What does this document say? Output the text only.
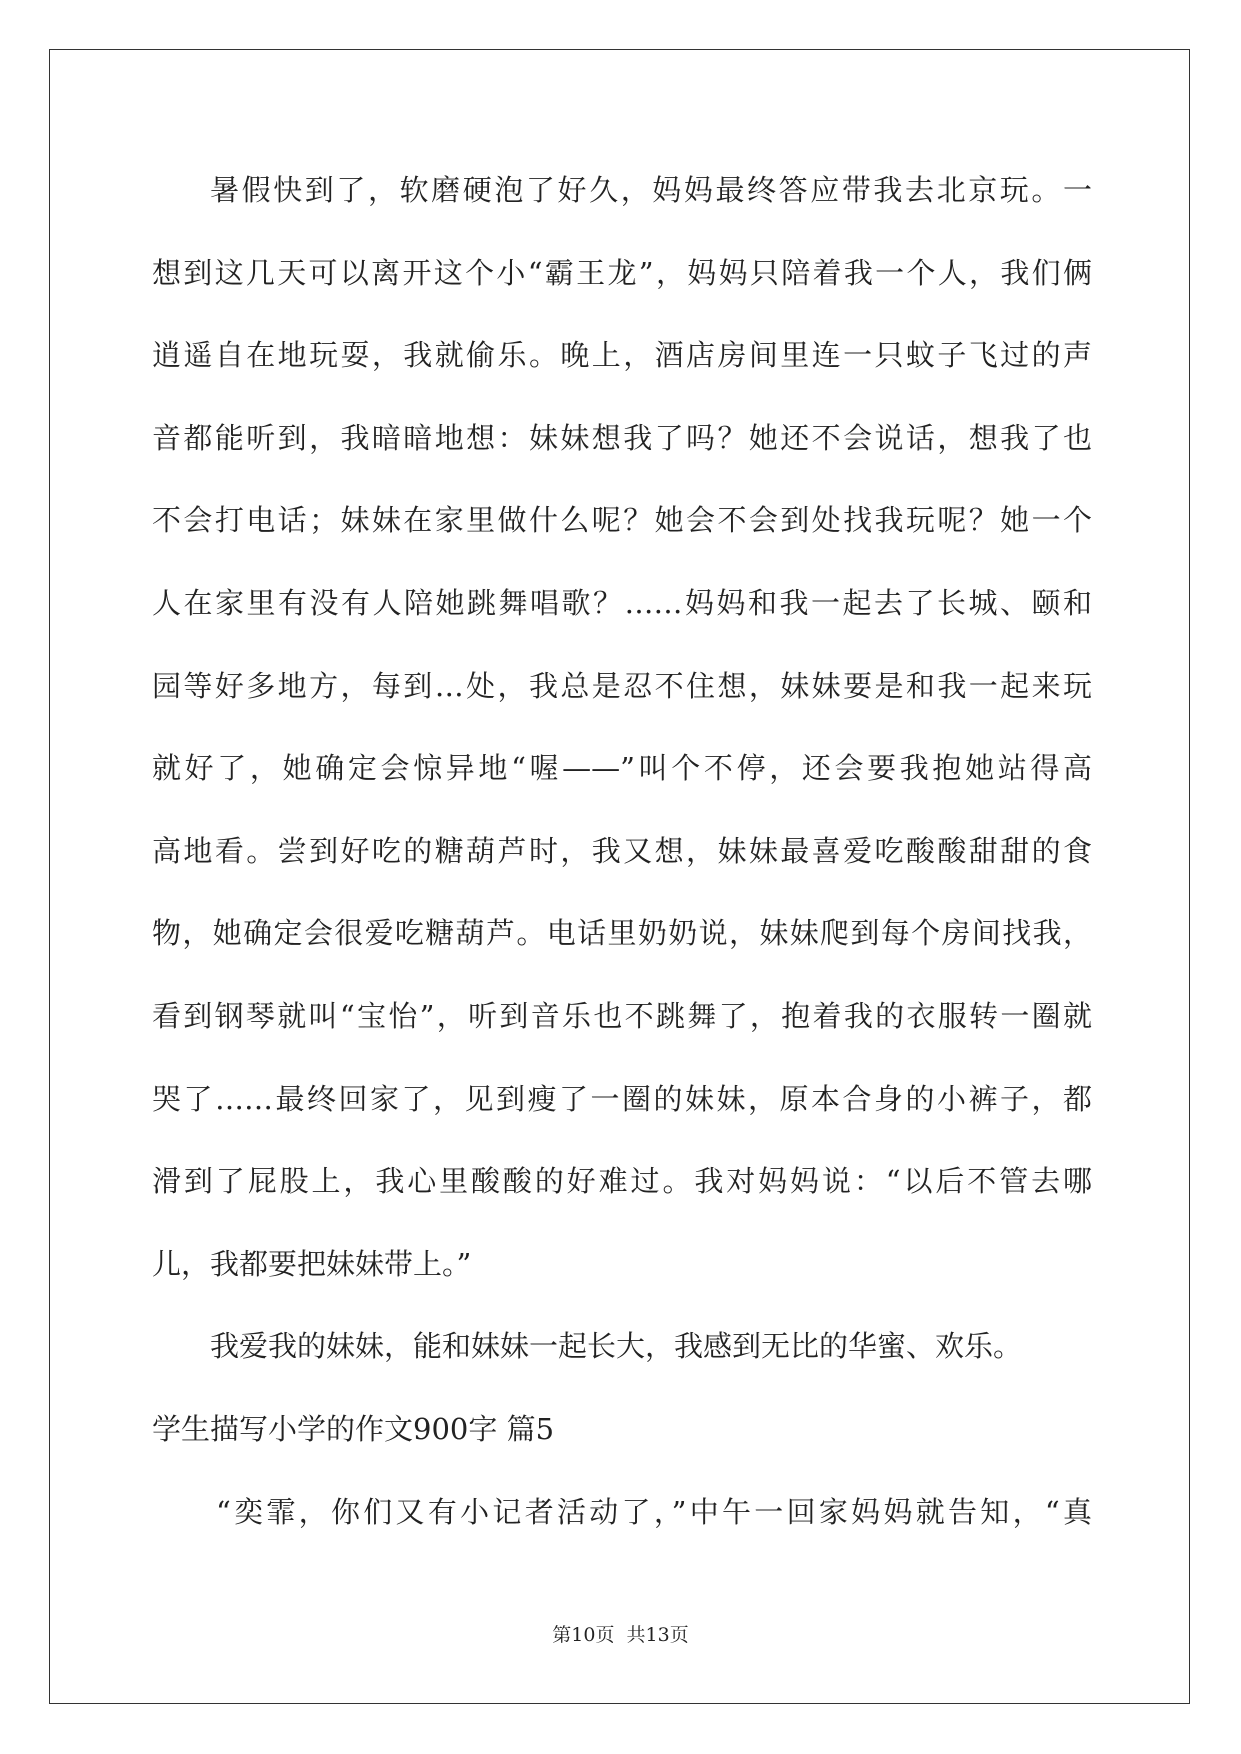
暑假快到了，软磨硬泡了好久，妈妈最终答应带我去北京玩。一
想到这几天可以离开这个小“霸王龙”，妈妈只陪着我一个人，我们俩
逍遥自在地玩耍，我就偷乐。晚上，酒店房间里连一只蚊子飞过的声
音都能听到，我暗暗地想：妹妹想我了吗？她还不会说话，想我了也
不会打电话；妹妹在家里做什么呢？她会不会到处找我玩呢？她一个
人在家里有没有人陪她跳舞唱歌？……妈妈和我一起去了长城、颐和
园等好多地方，每到…处，我总是忍不住想，妹妹要是和我一起来玩
就好了，她确定会惊异地“喔——”叫个不停，还会要我抱她站得高
高地看。尝到好吃的糖葫芦时，我又想，妹妹最喜爱吃酸酸甜甜的食
物，她确定会很爱吃糖葫芦。电话里奶奶说，妹妹爬到每个房间找我，
看到钢琴就叫“宝怡”，听到音乐也不跳舞了，抱着我的衣服转一圈就
哭了……最终回家了，见到瘦了一圈的妹妹，原本合身的小裤子，都
滑到了屁股上，我心里酸酸的好难过。我对妈妈说：“以后不管去哪
儿，我都要把妹妹带上。”
我爱我的妹妹，能和妹妹一起长大，我感到无比的华蜜、欢乐。
学生描写小学的作文900字 篇5
“奕霏，你们又有小记者活动了，”中午一回家妈妈就告知，“真
第10页 共13页
